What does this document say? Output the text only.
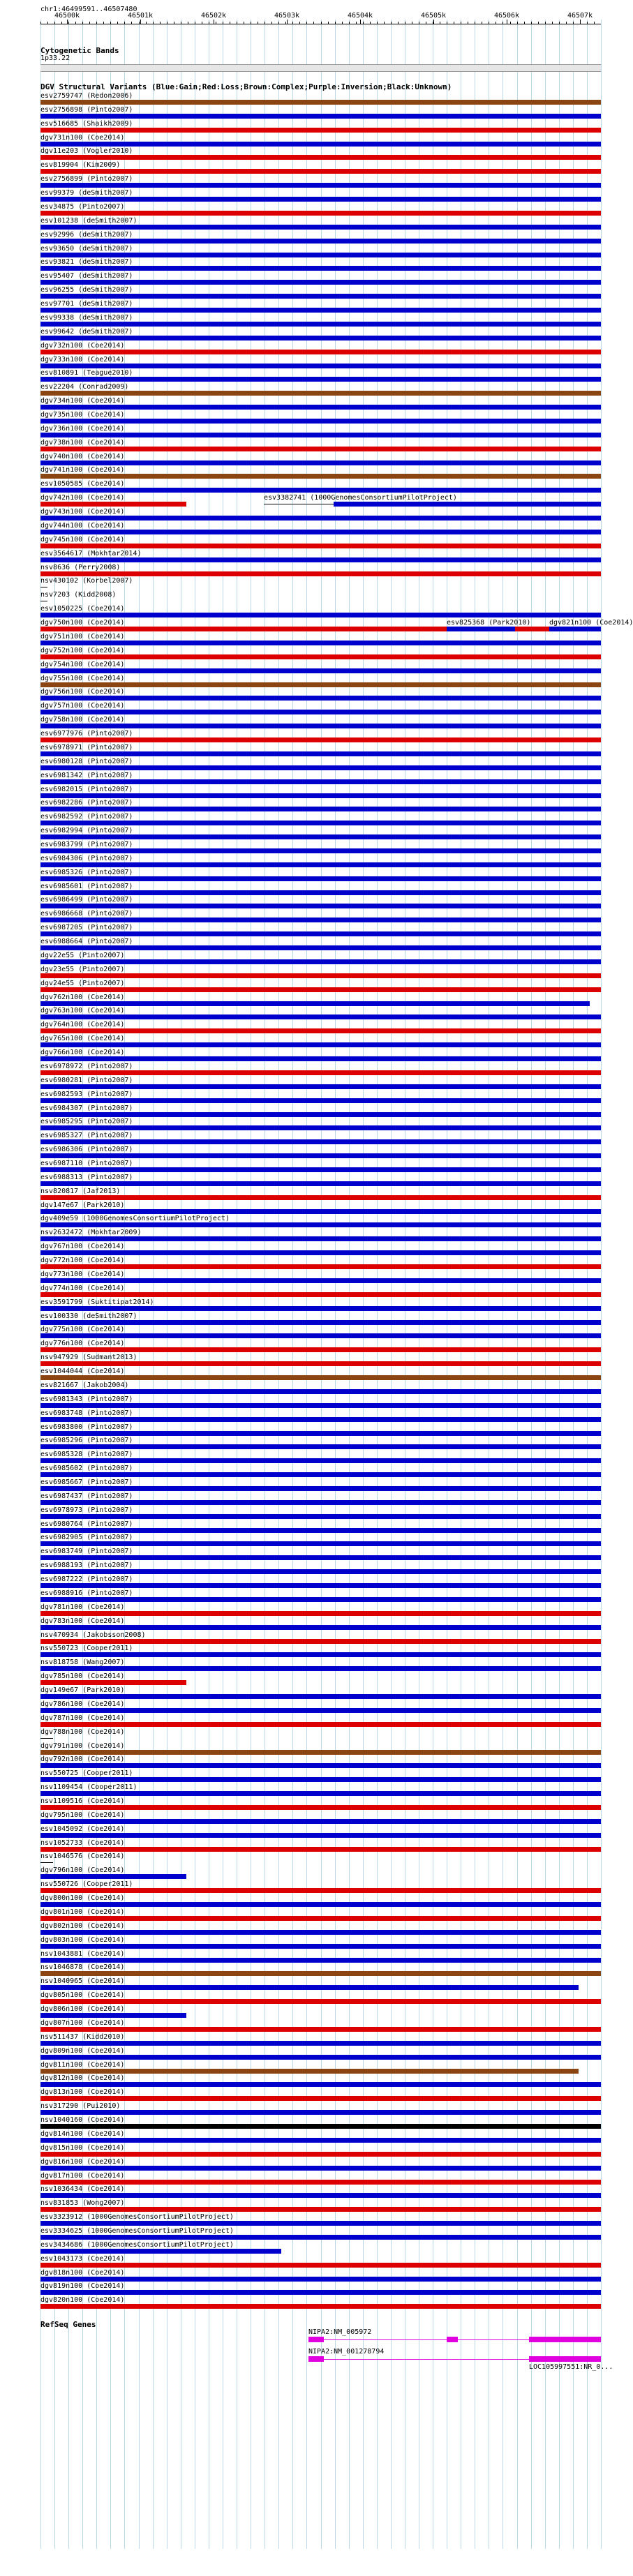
chr1:46499591..46507480
46500k	46501k	46502k	46503k	46504k	46505k	46506k	46507k
Cytogenetic Bands
1p33.22
DGV Structural Variants (Blue:Gain;Red:Loss;Brown:Complex;Purple:Inversion;Black:Unknown)
esv2759747 (Redon2006)
esv2756898 (Pinto2007)
esv516685 (Shaikh2009)
dgv731n100 (Coe2014)
dgv11e203 (Vogler2010)
esv819904 (Kim2009)
esv2756899 (Pinto2007)
esv99379 (deSmith2007)
esv34875 (Pinto2007)
esv101238 (deSmith2007)
esv92996 (deSmith2007)
esv93650 (deSmith2007)
esv93821 (deSmith2007)
esv95407 (deSmith2007)
esv96255 (deSmith2007)
esv97701 (deSmith2007)
esv99338 (deSmith2007)
esv99642 (deSmith2007)
dgv732n100 (Coe2014)
dgv733n100 (Coe2014)
esv810891 (Teague2010)
esv22204 (Conrad2009)
dgv734n100 (Coe2014)
dgv735n100 (Coe2014)
dgv736n100 (Coe2014)
dgv738n100 (Coe2014)
dgv740n100 (Coe2014)
dgv741n100 (Coe2014)
esv1050585 (Coe2014)
dgv742n100 (Coe2014)	esv3382741 (1000GenomesConsortiumPilotProject)
dgv743n100 (Coe2014)
dgv744n100 (Coe2014)
dgv745n100 (Coe2014)
esv3564617 (Mokhtar2014)
nsv8636 (Perry2008)
nsv430102 (Korbel2007)
nsv7203 (Kidd2008)
esv1050225 (Coe2014)
dgv750n100 (Coe2014)	esv825368 (Park2010)	dgv821n100 (Coe2014)
dgv751n100 (Coe2014)
dgv752n100 (Coe2014)
dgv754n100 (Coe2014)
dgv755n100 (Coe2014)
dgv756n100 (Coe2014)
dgv757n100 (Coe2014)
dgv758n100 (Coe2014)
esv6977976 (Pinto2007)
esv6978971 (Pinto2007)
esv6980128 (Pinto2007)
esv6981342 (Pinto2007)
esv6982015 (Pinto2007)
esv6982286 (Pinto2007)
esv6982592 (Pinto2007)
esv6982994 (Pinto2007)
esv6983799 (Pinto2007)
esv6984306 (Pinto2007)
esv6985326 (Pinto2007)
esv6985601 (Pinto2007)
esv6986499 (Pinto2007)
esv6986668 (Pinto2007)
esv6987205 (Pinto2007)
esv6988664 (Pinto2007)
dgv22e55 (Pinto2007)
dgv23e55 (Pinto2007)
dgv24e55 (Pinto2007)
dgv762n100 (Coe2014)
dgv763n100 (Coe2014)
dgv764n100 (Coe2014)
dgv765n100 (Coe2014)
dgv766n100 (Coe2014)
esv6978972 (Pinto2007)
esv6980281 (Pinto2007)
esv6982593 (Pinto2007)
esv6984307 (Pinto2007)
esv6985295 (Pinto2007)
esv6985327 (Pinto2007)
esv6986306 (Pinto2007)
esv6987110 (Pinto2007)
esv6988313 (Pinto2007)
nsv820817 (Jaf2013)
dgv147e67 (Park2010)
dgv409e59 (1000GenomesConsortiumPilotProject)
nsv2632472 (Mokhtar2009)
dgv767n100 (Coe2014)
dgv772n100 (Coe2014)
dgv773n100 (Coe2014)
dgv774n100 (Coe2014)
esv3591799 (Suktitipat2014)
esv100330 (deSmith2007)
dgv775n100 (Coe2014)
dgv776n100 (Coe2014)
nsv947929 (Sudmant2013)
esv1044044 (Coe2014)
esv821667 (Jakob2004)
esv6981343 (Pinto2007)
esv6983748 (Pinto2007)
esv6983800 (Pinto2007)
esv6985296 (Pinto2007)
esv6985328 (Pinto2007)
esv6985602 (Pinto2007)
esv6985667 (Pinto2007)
esv6987437 (Pinto2007)
esv6978973 (Pinto2007)
esv6980764 (Pinto2007)
esv6982905 (Pinto2007)
esv6983749 (Pinto2007)
esv6988193 (Pinto2007)
esv6987222 (Pinto2007)
esv6988916 (Pinto2007)
dgv781n100 (Coe2014)
dgv783n100 (Coe2014)
nsv470934 (Jakobsson2008)
nsv550723 (Cooper2011)
nsv818758 (Wang2007)
dgv785n100 (Coe2014)
dgv149e67 (Park2010)
dgv786n100 (Coe2014)
dgv787n100 (Coe2014)
dgv788n100 (Coe2014)
dgv791n100 (Coe2014)
dgv792n100 (Coe2014)
nsv550725 (Cooper2011)
nsv1109454 (Cooper2011)
nsv1109516 (Coe2014)
dgv795n100 (Coe2014)
esv1045092 (Coe2014)
nsv1052733 (Coe2014)
nsv1046576 (Coe2014)
dgv796n100 (Coe2014)
nsv550726 (Cooper2011)
dgv800n100 (Coe2014)
dgv801n100 (Coe2014)
dgv802n100 (Coe2014)
dgv803n100 (Coe2014)
nsv1043881 (Coe2014)
nsv1046878 (Coe2014)
nsv1040965 (Coe2014)
dgv805n100 (Coe2014)
dgv806n100 (Coe2014)
dgv807n100 (Coe2014)
nsv511437 (Kidd2010)
dgv809n100 (Coe2014)
dgv811n100 (Coe2014)
dgv812n100 (Coe2014)
dgv813n100 (Coe2014)
nsv317290 (Pui2010)
nsv1040160 (Coe2014)
dgv814n100 (Coe2014)
dgv815n100 (Coe2014)
dgv816n100 (Coe2014)
dgv817n100 (Coe2014)
nsv1036434 (Coe2014)
nsv831853 (Wong2007)
esv3323912 (1000GenomesConsortiumPilotProject)
esv3334625 (1000GenomesConsortiumPilotProject)
esv3434686 (1000GenomesConsortiumPilotProject)
esv1043173 (Coe2014)
dgv818n100 (Coe2014)
dgv819n100 (Coe2014)
dgv820n100 (Coe2014)
RefSeq Genes
NIPA2:NM_005972
NIPA2:NM_001278794
LOC105997551:NR_0...
